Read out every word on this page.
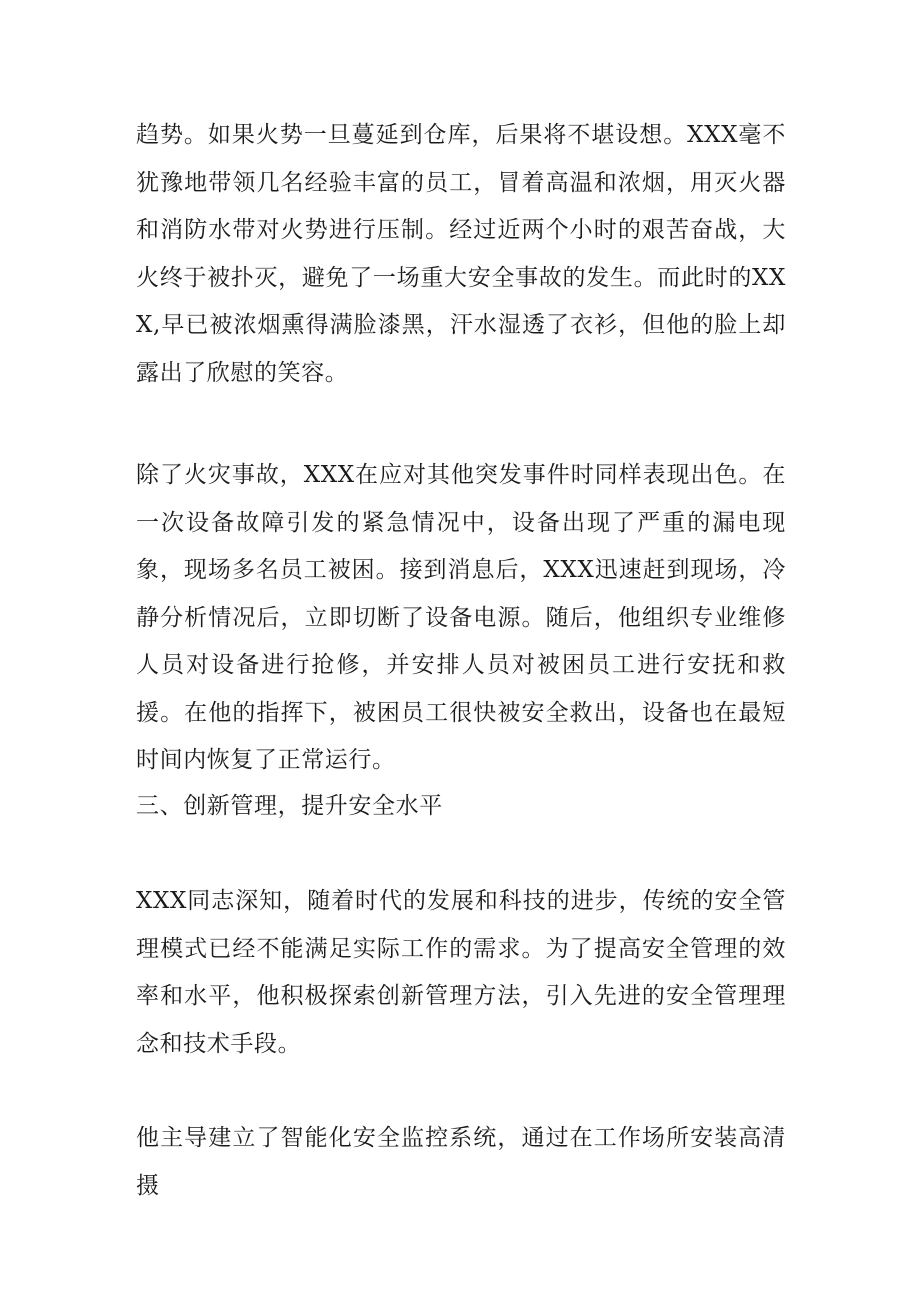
趋势。如果火势一旦蔓延到仓库，后果将不堪设想。XXX毫不犹豫地带领几名经验丰富的员工，冒着高温和浓烟，用灭火器和消防水带对火势进行压制。经过近两个小时的艰苦奋战，大火终于被扑灭，避免了一场重大安全事故的发生。而此时的XXX,早已被浓烟熏得满脸漆黑，汗水湿透了衣衫，但他的脸上却露出了欣慰的笑容。

除了火灾事故，XXX在应对其他突发事件时同样表现出色。在一次设备故障引发的紧急情况中，设备出现了严重的漏电现象，现场多名员工被困。接到消息后，XXX迅速赶到现场，冷静分析情况后，立即切断了设备电源。随后，他组织专业维修人员对设备进行抢修，并安排人员对被困员工进行安抚和救援。在他的指挥下，被困员工很快被安全救出，设备也在最短时间内恢复了正常运行。

三、创新管理，提升安全水平

XXX同志深知，随着时代的发展和科技的进步，传统的安全管理模式已经不能满足实际工作的需求。为了提高安全管理的效率和水平，他积极探索创新管理方法，引入先进的安全管理理念和技术手段。

他主导建立了智能化安全监控系统，通过在工作场所安装高清摄
